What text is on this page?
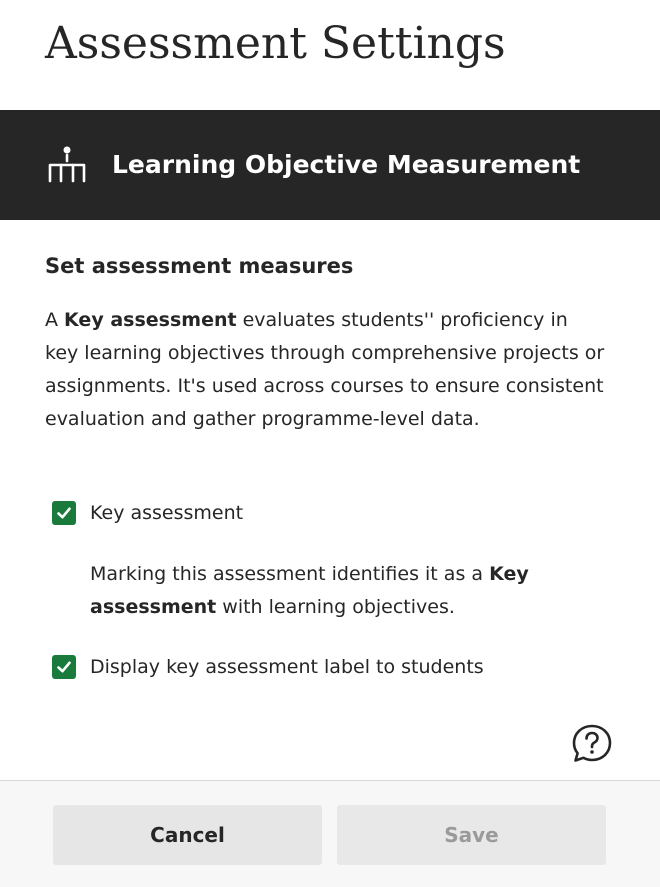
Assessment Settings
Learning Objective Measurement
Set assessment measures

A Key assessment evaluates students'' proficiency in key learning objectives through comprehensive projects or assignments. It's used across courses to ensure consistent evaluation and gather programme-level data.

Key assessment

Marking this assessment identifies it as a Key assessment with learning objectives.

Display key assessment label to students
Cancel	Save
